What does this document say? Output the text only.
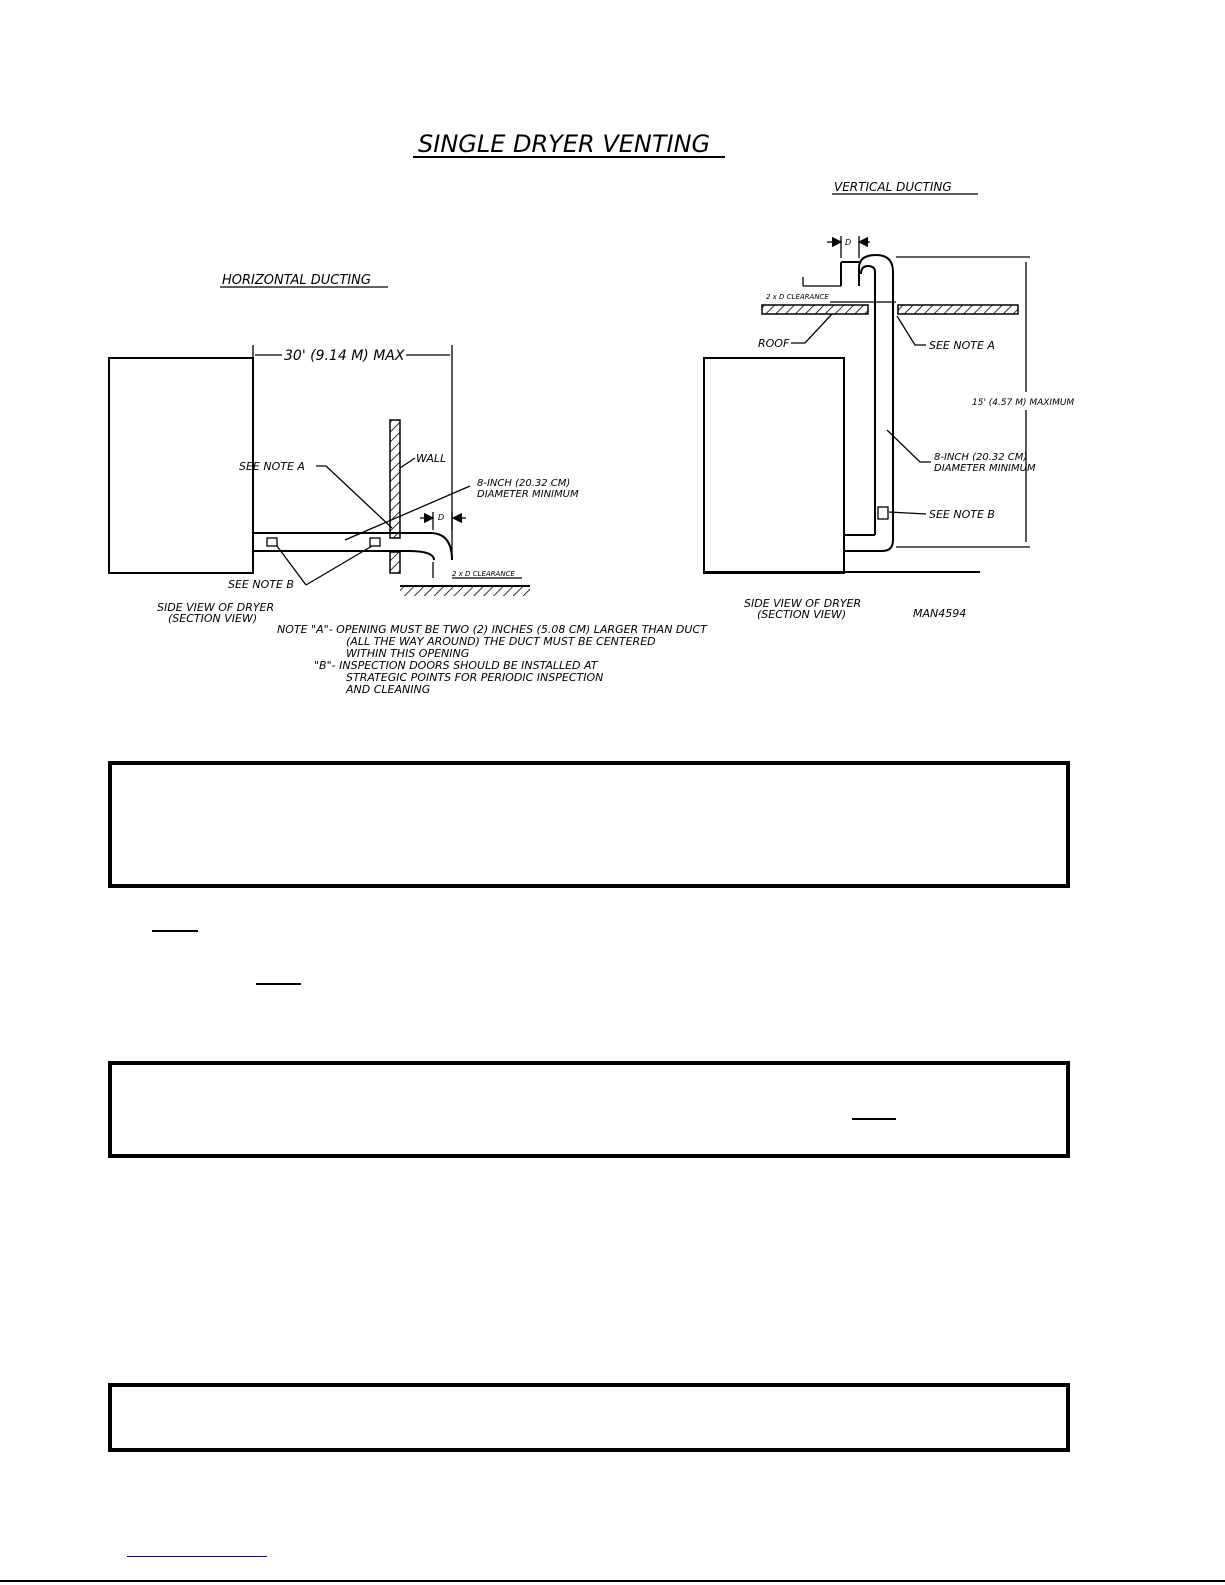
SINGLE DRYER VENTING
HORIZONTAL DUCTING
30' (9.14 M) MAX
WALL
SEE NOTE A
8-INCH (20.32 CM)
DIAMETER MINIMUM
D
2 x D CLEARANCE
SEE NOTE B
SIDE VIEW OF DRYER
(SECTION VIEW)
NOTE "A"- OPENING MUST BE TWO (2) INCHES (5.08 CM) LARGER THAN DUCT
(ALL THE WAY AROUND) THE DUCT MUST BE CENTERED
WITHIN THIS OPENING
"B"- INSPECTION DOORS SHOULD BE INSTALLED AT
STRATEGIC POINTS FOR PERIODIC INSPECTION
AND CLEANING
VERTICAL DUCTING
D
2 x D CLEARANCE
ROOF	SEE NOTE A
15' (4.57 M) MAXIMUM
8-INCH (20.32 CM)
DIAMETER MINIMUM
SEE NOTE B
SIDE VIEW OF DRYER
(SECTION VIEW)	MAN4594
